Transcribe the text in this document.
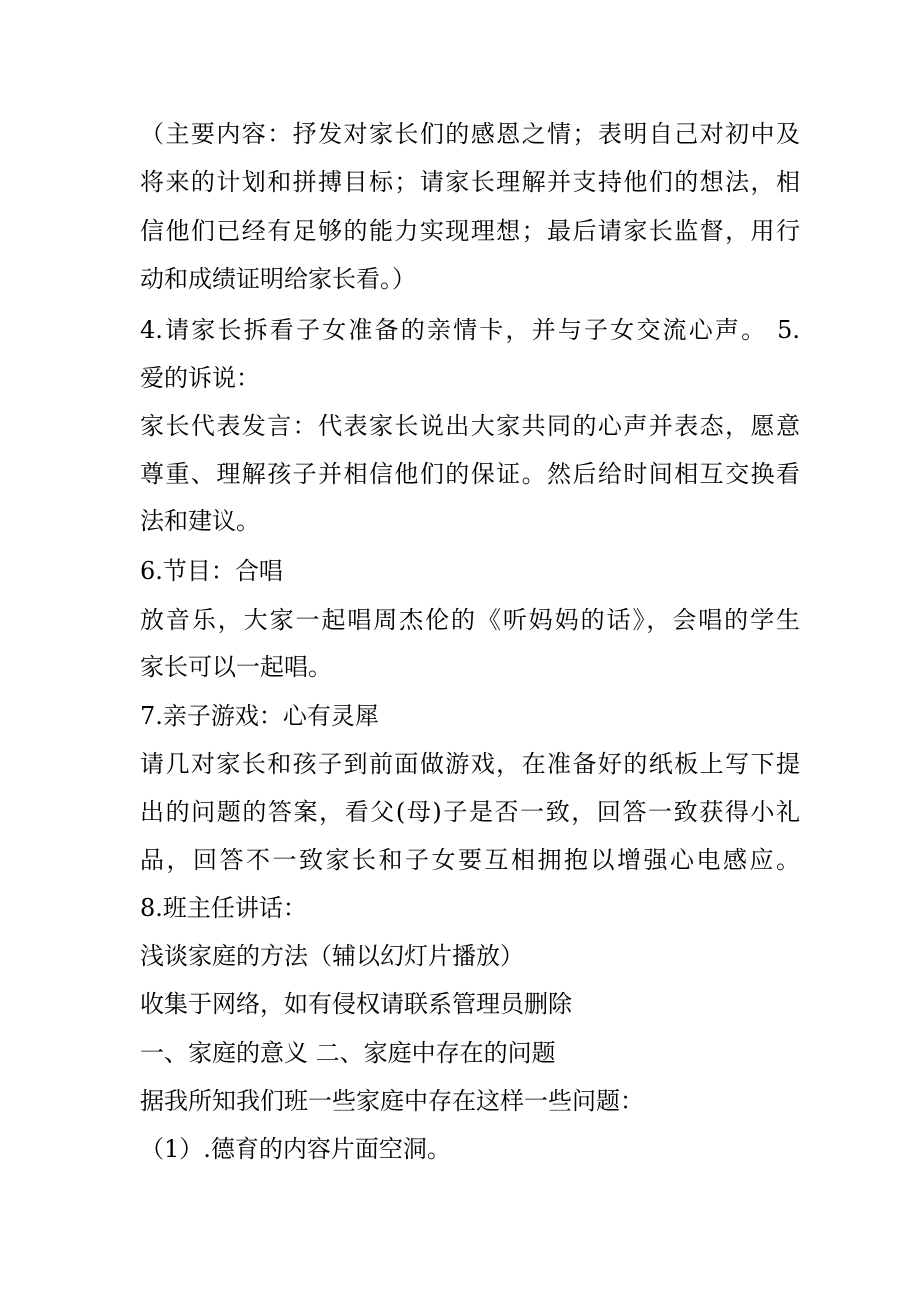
（主要内容：抒发对家长们的感恩之情；表明自己对初中及
将来的计划和拼搏目标；请家长理解并支持他们的想法，相
信他们已经有足够的能力实现理想；最后请家长监督，用行
动和成绩证明给家长看。）
4.请家长拆看子女准备的亲情卡，并与子女交流心声。 5.
爱的诉说：
家长代表发言：代表家长说出大家共同的心声并表态，愿意
尊重、理解孩子并相信他们的保证。然后给时间相互交换看
法和建议。
6.节目：合唱
放音乐，大家一起唱周杰伦的《听妈妈的话》，会唱的学生
家长可以一起唱。
7.亲子游戏：心有灵犀
请几对家长和孩子到前面做游戏，在准备好的纸板上写下提
出的问题的答案，看父(母)子是否一致，回答一致获得小礼
品，回答不一致家长和子女要互相拥抱以增强心电感应。
8.班主任讲话：
浅谈家庭的方法（辅以幻灯片播放）
收集于网络，如有侵权请联系管理员删除
一、家庭的意义 二、家庭中存在的问题
据我所知我们班一些家庭中存在这样一些问题：
（1）.德育的内容片面空洞。
